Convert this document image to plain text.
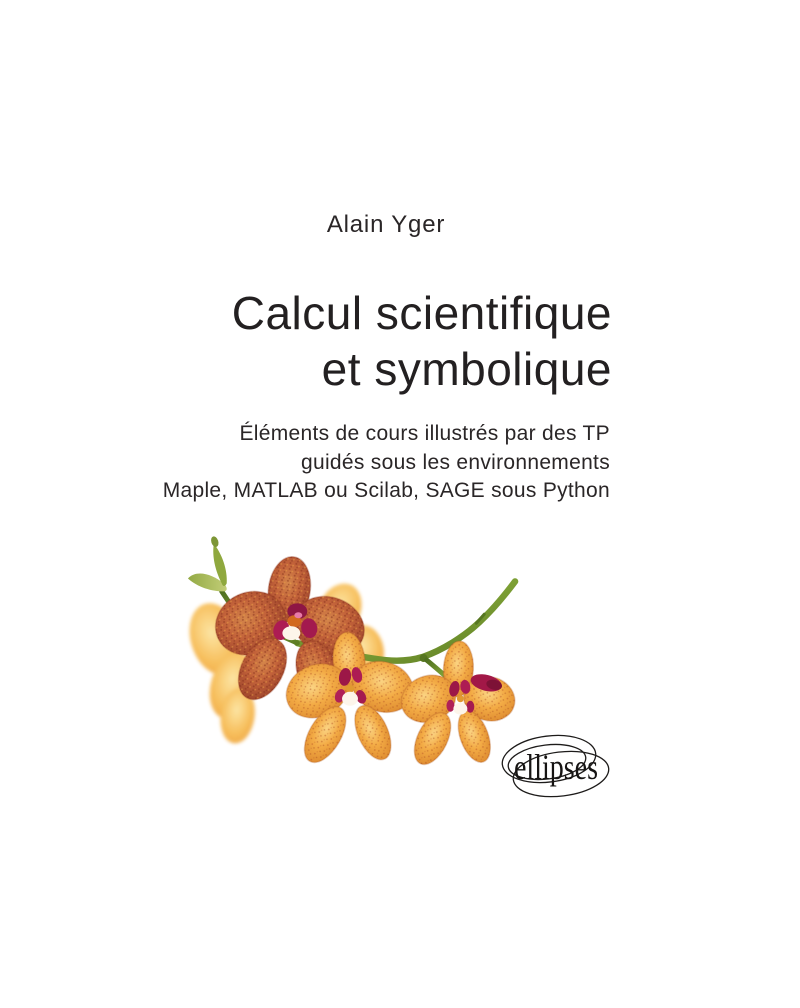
Alain Yger
Calcul scientifique
et symbolique
Éléments de cours illustrés par des TP
guidés sous les environnements
Maple, MATLAB ou Scilab, SAGE sous Python
ellipses
